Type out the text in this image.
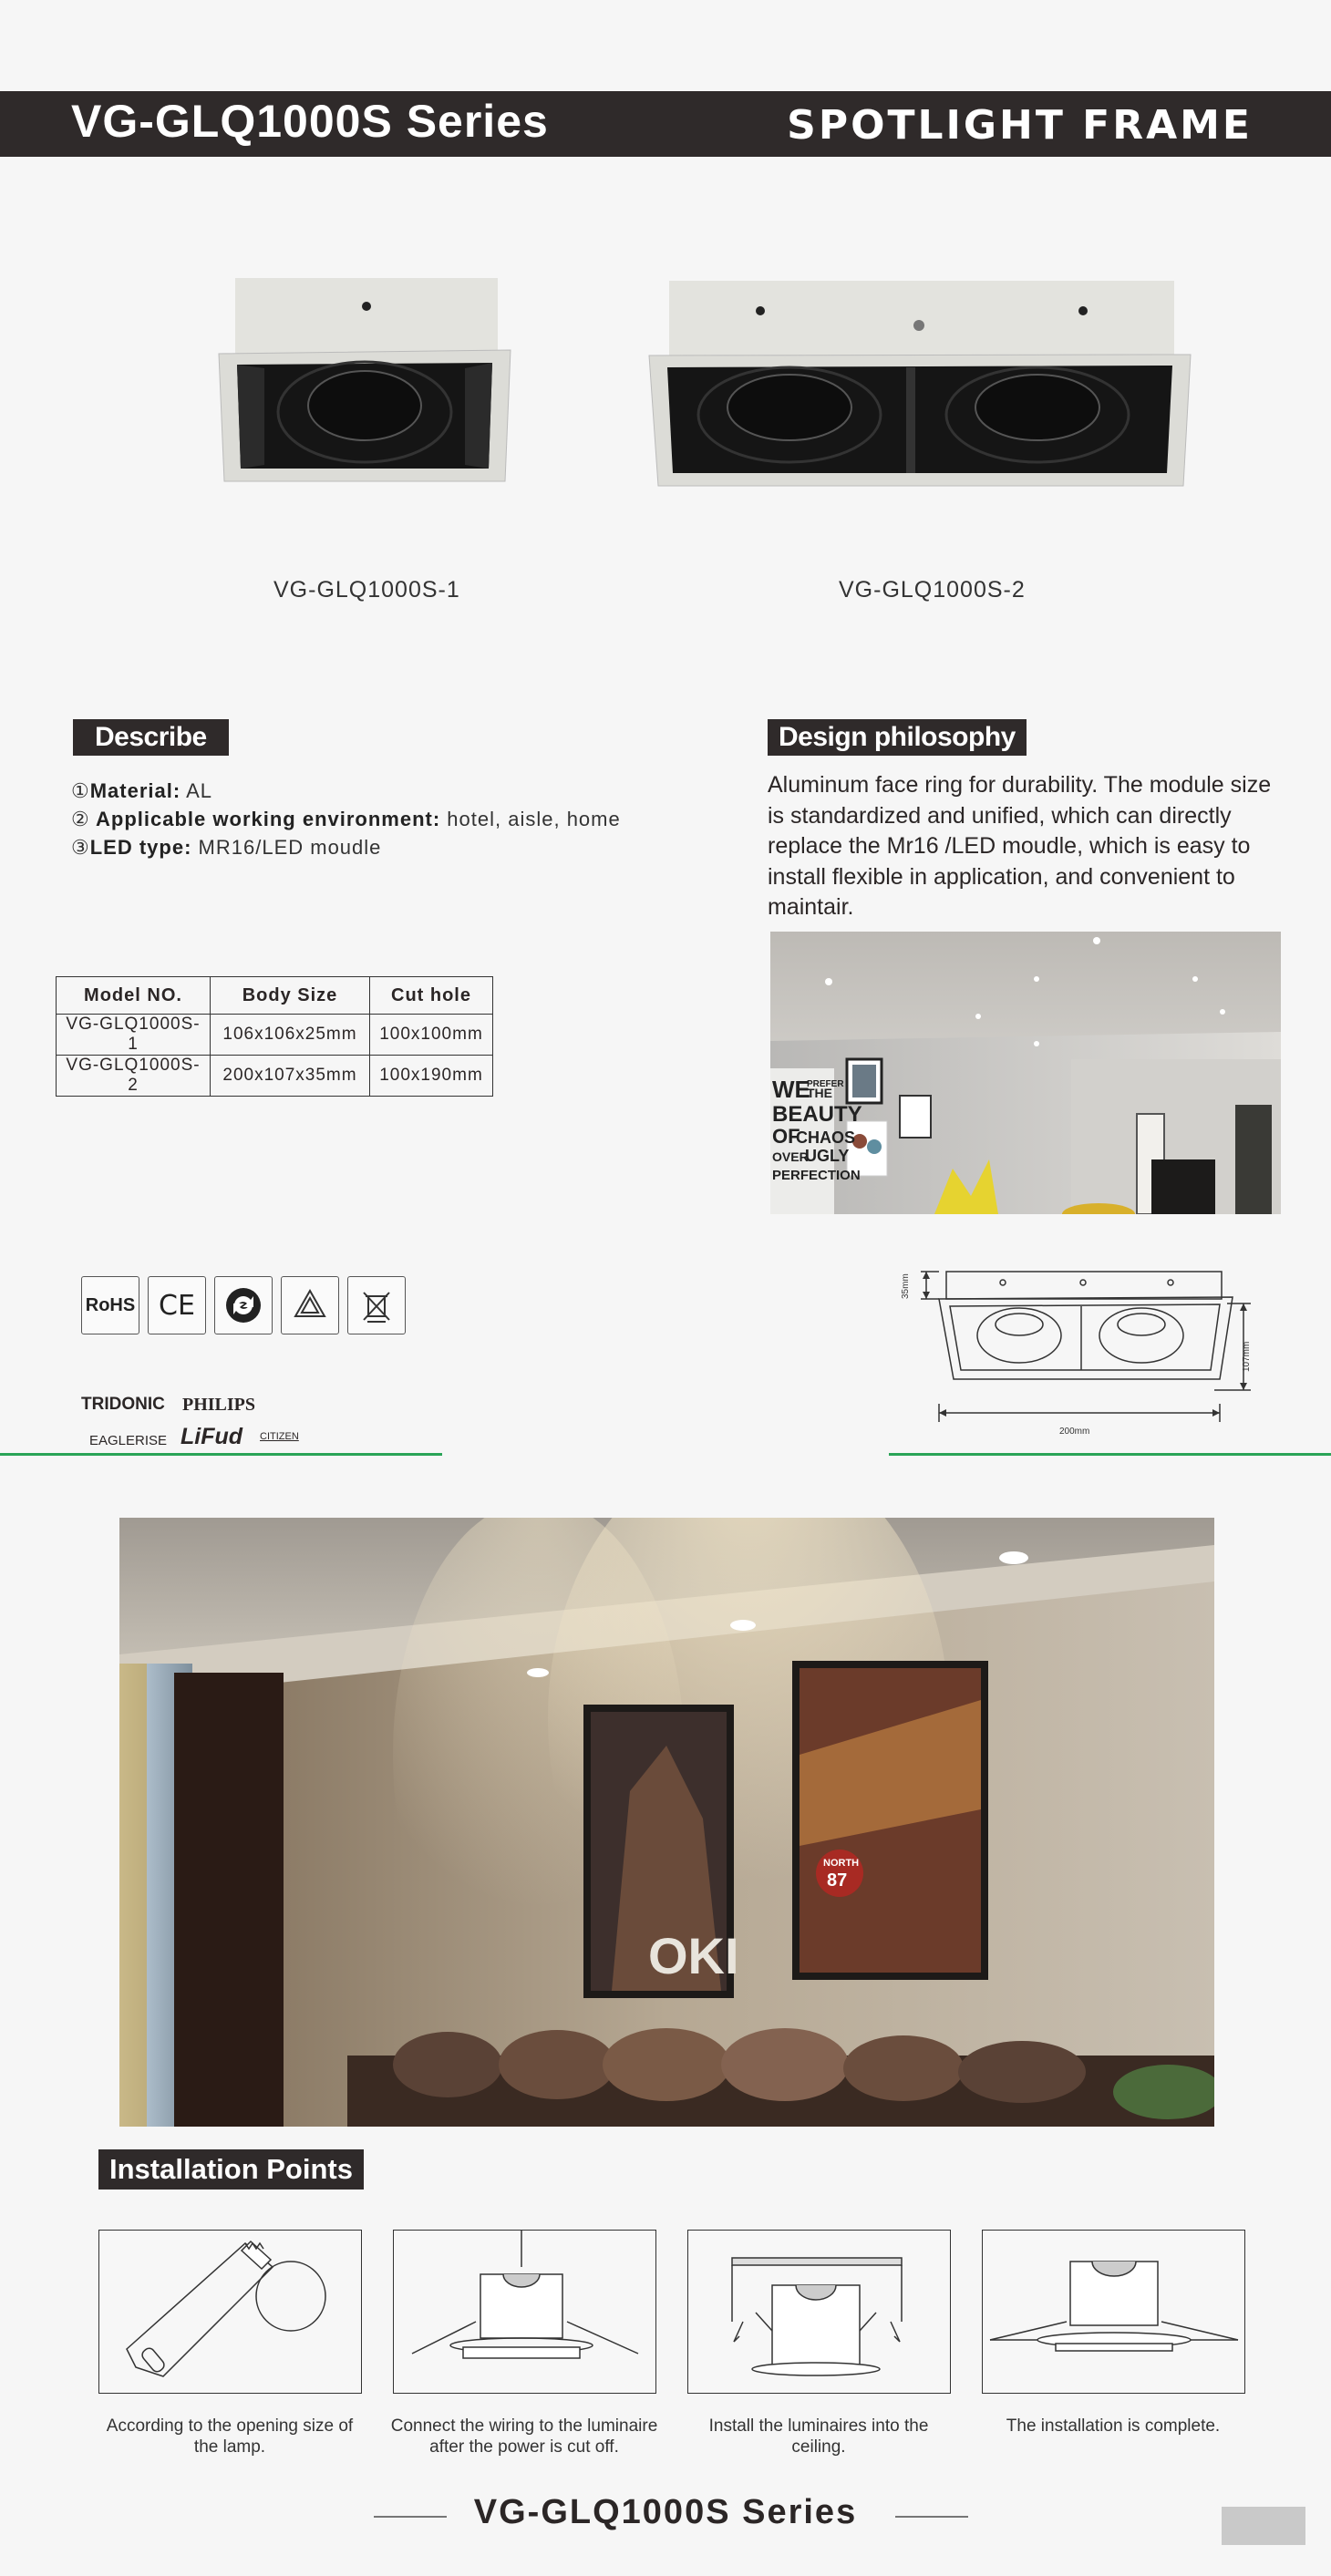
VG-GLQ1000S Series	SPOTLIGHT FRAME
VG-GLQ1000S-1	VG-GLQ1000S-2
Describe
①Material: AL
② Applicable working environment: hotel, aisle, home
③LED type: MR16/LED moudle
Design philosophy
Aluminum face ring for durability. The module size is standardized and unified, which can directly replace the Mr16 /LED moudle, which is easy to install flexible in application, and convenient to maintair.
WE
PREFER
THE
BEAUTY
OF
CHAOS
OVER
UGLY
PERFECTION
Model NO.	Body Size	Cut hole
VG-GLQ1000S-1	106x106x25mm	100x100mm
VG-GLQ1000S-2	200x107x35mm	100x190mm
RoHS CE
TRIDONIC PHILIPS
EAGLERISE LiFud CITIZEN
35mm
107mm
200mm
OKI
NORTH
87
Installation Points
According to the opening size of the lamp.
Connect the wiring to the luminaire after the power is cut off.
Install the luminaires into the ceiling.
The installation is complete.
VG-GLQ1000S Series
